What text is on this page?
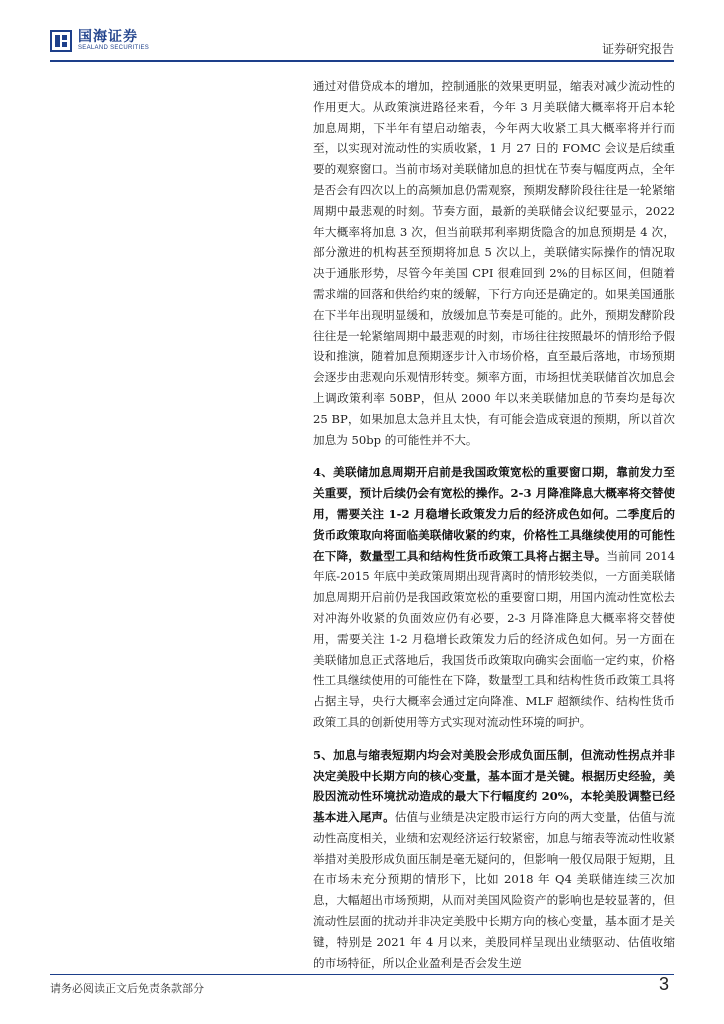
国海证券
SEALAND SECURITIES	证券研究报告

通过对借贷成本的增加，控制通胀的效果更明显，缩表对减少流动性的作用更大。从政策演进路径来看，今年 3 月美联储大概率将开启本轮加息周期，下半年有望启动缩表，今年两大收紧工具大概率将并行而至，以实现对流动性的实质收紧，1 月 27 日的 FOMC 会议是后续重要的观察窗口。当前市场对美联储加息的担忧在节奏与幅度两点，全年是否会有四次以上的高频加息仍需观察，预期发酵阶段往往是一轮紧缩周期中最悲观的时刻。节奏方面，最新的美联储会议纪要显示，2022 年大概率将加息 3 次，但当前联邦利率期货隐含的加息预期是 4 次，部分激进的机构甚至预期将加息 5 次以上，美联储实际操作的情况取决于通胀形势，尽管今年美国 CPI 很难回到 2%的目标区间，但随着需求端的回落和供给约束的缓解，下行方向还是确定的。如果美国通胀在下半年出现明显缓和，放缓加息节奏是可能的。此外，预期发酵阶段往往是一轮紧缩周期中最悲观的时刻，市场往往按照最坏的情形给予假设和推演，随着加息预期逐步计入市场价格，直至最后落地，市场预期会逐步由悲观向乐观情形转变。频率方面，市场担忧美联储首次加息会上调政策利率 50BP，但从 2000 年以来美联储加息的节奏均是每次 25 BP，如果加息太急并且太快，有可能会造成衰退的预期，所以首次加息为 50bp 的可能性并不大。

4、美联储加息周期开启前是我国政策宽松的重要窗口期，靠前发力至关重要，预计后续仍会有宽松的操作。2-3 月降准降息大概率将交替使用，需要关注 1-2 月稳增长政策发力后的经济成色如何。二季度后的货币政策取向将面临美联储收紧的约束，价格性工具继续使用的可能性在下降，数量型工具和结构性货币政策工具将占据主导。当前同 2014 年底-2015 年底中美政策周期出现背离时的情形较类似，一方面美联储加息周期开启前仍是我国政策宽松的重要窗口期，用国内流动性宽松去对冲海外收紧的负面效应仍有必要，2-3 月降准降息大概率将交替使用，需要关注 1-2 月稳增长政策发力后的经济成色如何。另一方面在美联储加息正式落地后，我国货币政策取向确实会面临一定约束，价格性工具继续使用的可能性在下降，数量型工具和结构性货币政策工具将占据主导，央行大概率会通过定向降准、MLF 超额续作、结构性货币政策工具的创新使用等方式实现对流动性环境的呵护。

5、加息与缩表短期内均会对美股会形成负面压制，但流动性拐点并非决定美股中长期方向的核心变量，基本面才是关键。根据历史经验，美股因流动性环境扰动造成的最大下行幅度约 20%，本轮美股调整已经基本进入尾声。估值与业绩是决定股市运行方向的两大变量，估值与流动性高度相关，业绩和宏观经济运行较紧密，加息与缩表等流动性收紧举措对美股形成负面压制是毫无疑问的，但影响一般仅局限于短期，且在市场未充分预期的情形下，比如 2018 年 Q4 美联储连续三次加息，大幅超出市场预期，从而对美国风险资产的影响也是较显著的，但流动性层面的扰动并非决定美股中长期方向的核心变量，基本面才是关键，特别是 2021 年 4 月以来，美股同样呈现出业绩驱动、估值收缩的市场特征，所以企业盈利是否会发生逆

请务必阅读正文后免责条款部分	3
